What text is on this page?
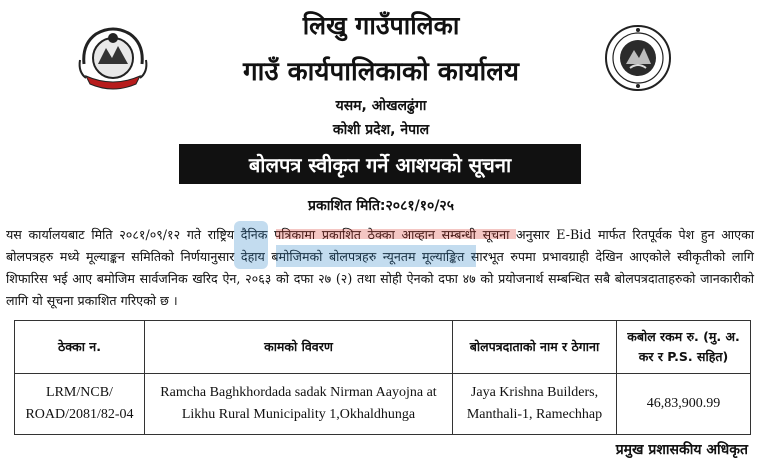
लिखु गाउँपालिका
गाउँ कार्यपालिकाको कार्यालय
यसम, ओखलढुंगा
कोशी प्रदेश, नेपाल
बोलपत्र स्वीकृत गर्ने आशयको सूचना
प्रकाशित मिति:२०८१/१०/२५
यस कार्यालयबाट मिति २०८१/०९/१२ गते राष्ट्रिय दैनिक पत्रिकामा प्रकाशित ठेक्का आव्हान सम्बन्धी सूचना अनुसार E-Bid मार्फत रितपूर्वक पेश हुन आएका बोलपत्रहरु मध्ये मूल्याङ्कन समितिको निर्णयानुसार देहाय बमोजिमको बोलपत्रहरु न्यूनतम मूल्याङ्कित सारभूत रुपमा प्रभावग्राही देखिन आएकोले स्वीकृतीको लागि शिफारिस भई आए बमोजिम सार्वजनिक खरिद ऐन, २०६३ को दफा २७ (२) तथा सोही ऐनको दफा ४७ को प्रयोजनार्थ सम्बन्धित सबै बोलपत्रदाताहरुको जानकारीको लागि यो सूचना प्रकाशित गरिएको छ ।
ठेक्का न.	कामको विवरण	बोलपत्रदाताको नाम र ठेगाना	कबोल रकम रु. (मु. अ. कर र P.S. सहित)
LRM/NCB/ ROAD/2081/82-04	Ramcha Baghkhordada sadak Nirman Aayojna at Likhu Rural Municipality 1,Okhaldhunga	Jaya Krishna Builders, Manthali-1, Ramechhap	46,83,900.99
प्रमुख प्रशासकीय अधिकृत
